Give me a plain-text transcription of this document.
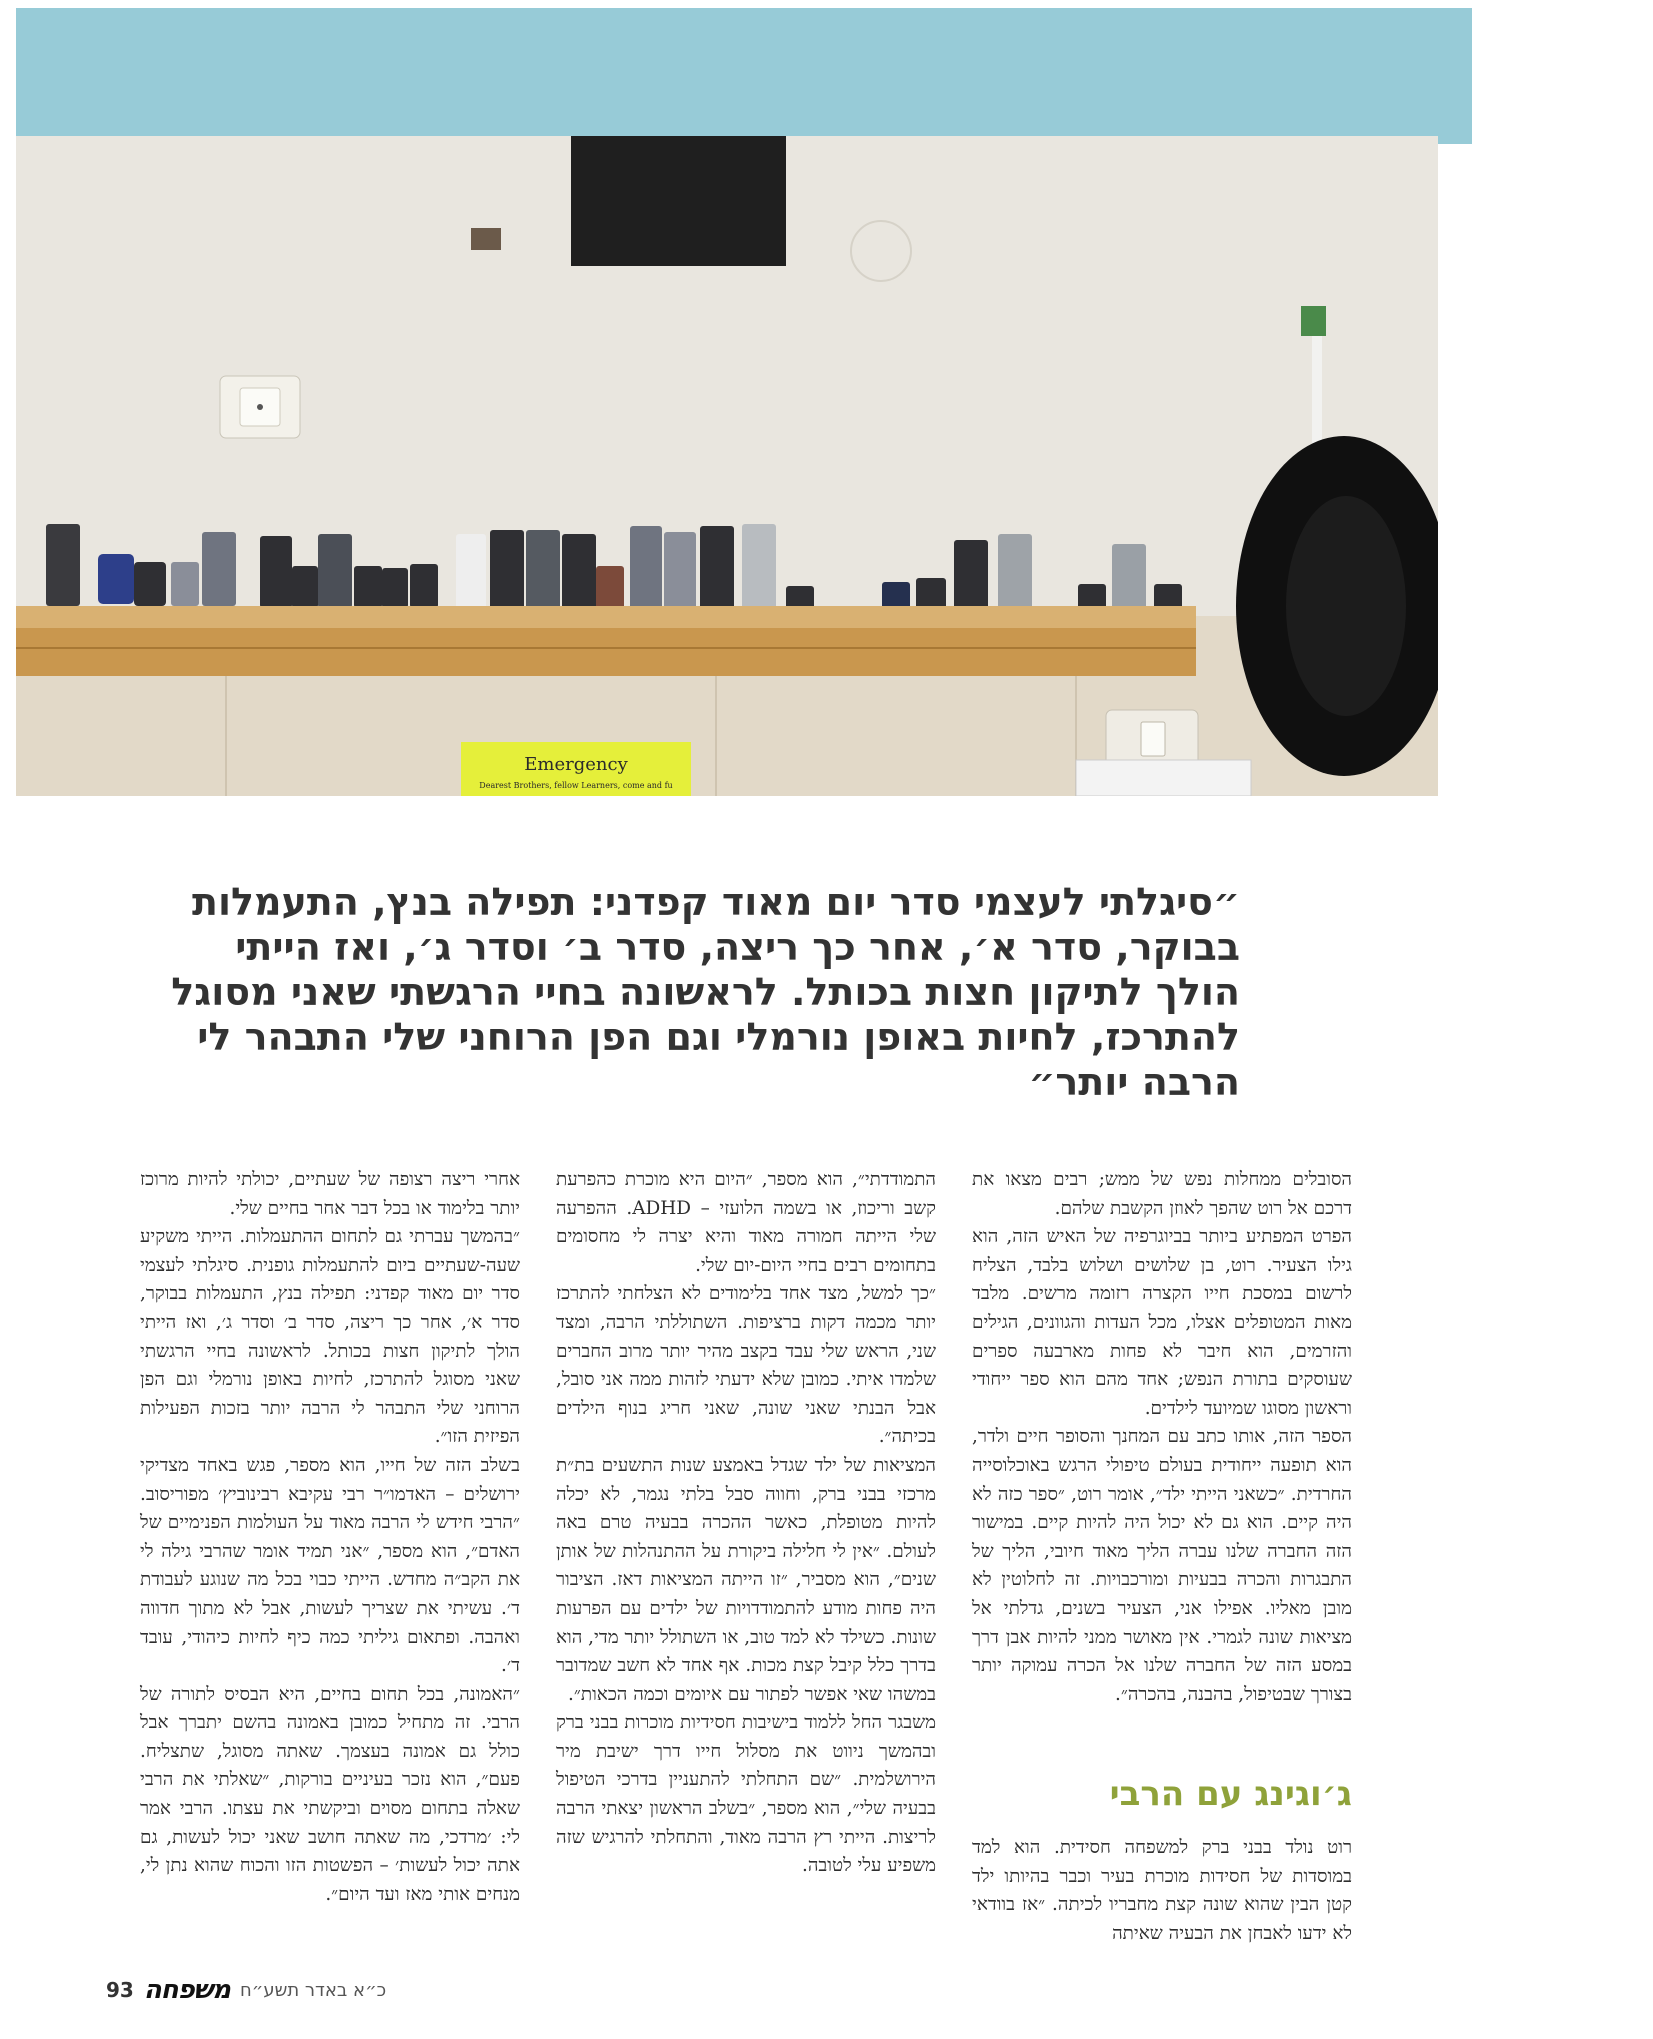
Emergency
Dearest Brothers, fellow Learners, come and fu
״סיגלתי לעצמי סדר יום מאוד קפדני: תפילה בנץ, התעמלות בבוקר, סדר א׳, אחר כך ריצה, סדר ב׳ וסדר ג׳, ואז הייתי הולך לתיקון חצות בכותל. לראשונה בחיי הרגשתי שאני מסוגל להתרכז, לחיות באופן נורמלי וגם הפן הרוחני שלי התבהר לי הרבה יותר״

הסובלים ממחלות נפש של ממש; רבים מצאו את דרכם אל רוט שהפך לאוזן הקשבת שלהם.

הפרט המפתיע ביותר בביוגרפיה של האיש הזה, הוא גילו הצעיר. רוט, בן שלושים ושלוש בלבד, הצליח לרשום במסכת חייו הקצרה רזומה מרשים. מלבד מאות המטופלים אצלו, מכל העדות והגוונים, הגילים והזרמים, הוא חיבר לא פחות מארבעה ספרים שעוסקים בתורת הנפש; אחד מהם הוא ספר ייחודי וראשון מסוגו שמיועד לילדים.

הספר הזה, אותו כתב עם המחנך והסופר חיים ולדר, הוא תופעה ייחודית בעולם טיפולי הרגש באוכלוסייה החרדית. ״כשאני הייתי ילד״, אומר רוט, ״ספר כזה לא היה קיים. הוא גם לא יכול היה להיות קיים. במישור הזה החברה שלנו עברה הליך מאוד חיובי, הליך של התבגרות והכרה בבעיות ומורכבויות. זה לחלוטין לא מובן מאליו. אפילו אני, הצעיר בשנים, גדלתי אל מציאות שונה לגמרי. אין מאושר ממני להיות אבן דרך במסע הזה של החברה שלנו אל הכרה עמוקה יותר בצורך שבטיפול, בהבנה, בהכרה״.

ג׳וגינג עם הרבי

רוט נולד בבני ברק למשפחה חסידית. הוא למד במוסדות של חסידות מוכרת בעיר וכבר בהיותו ילד קטן הבין שהוא שונה קצת מחבריו לכיתה. ״אז בוודאי לא ידעו לאבחן את הבעיה שאיתה

התמודדתי״, הוא מספר, ״היום היא מוכרת כהפרעת קשב וריכוז, או בשמה הלועזי – ADHD. ההפרעה שלי הייתה חמורה מאוד והיא יצרה לי מחסומים בתחומים רבים בחיי היום-יום שלי.

״כך למשל, מצד אחד בלימודים לא הצלחתי להתרכז יותר מכמה דקות ברציפות. השתוללתי הרבה, ומצד שני, הראש שלי עבד בקצב מהיר יותר מרוב החברים שלמדו איתי. כמובן שלא ידעתי לזהות ממה אני סובל, אבל הבנתי שאני שונה, שאני חריג בנוף הילדים בכיתה״.

המציאות של ילד שגדל באמצע שנות התשעים בת״ת מרכזי בבני ברק, וחווה סבל בלתי נגמר, לא יכלה להיות מטופלת, כאשר ההכרה בבעיה טרם באה לעולם. ״אין לי חלילה ביקורת על ההתנהלות של אותן שנים״, הוא מסביר, ״זו הייתה המציאות דאז. הציבור היה פחות מודע להתמודדויות של ילדים עם הפרעות שונות. כשילד לא למד טוב, או השתולל יותר מדי, הוא בדרך כלל קיבל קצת מכות. אף אחד לא חשב שמדובר במשהו שאי אפשר לפתור עם איומים וכמה הכאות״.

משבגר החל ללמוד בישיבות חסידיות מוכרות בבני ברק ובהמשך ניווט את מסלול חייו דרך ישיבת מיר הירושלמית. ״שם התחלתי להתעניין בדרכי הטיפול בבעיה שלי״, הוא מספר, ״בשלב הראשון יצאתי הרבה לריצות. הייתי רץ הרבה מאוד, והתחלתי להרגיש שזה משפיע עלי לטובה.

אחרי ריצה רצופה של שעתיים, יכולתי להיות מרוכז יותר בלימוד או בכל דבר אחר בחיים שלי.

״בהמשך עברתי גם לתחום ההתעמלות. הייתי משקיע שעה-שעתיים ביום להתעמלות גופנית. סיגלתי לעצמי סדר יום מאוד קפדני: תפילה בנץ, התעמלות בבוקר, סדר א׳, אחר כך ריצה, סדר ב׳ וסדר ג׳, ואז הייתי הולך לתיקון חצות בכותל. לראשונה בחיי הרגשתי שאני מסוגל להתרכז, לחיות באופן נורמלי וגם הפן הרוחני שלי התבהר לי הרבה יותר בזכות הפעילות הפיזית הזו״.

בשלב הזה של חייו, הוא מספר, פגש באחד מצדיקי ירושלים – האדמו״ר רבי עקיבא רבינוביץ׳ מפוריסוב. ״הרבי חידש לי הרבה מאוד על העולמות הפנימיים של האדם״, הוא מספר, ״אני תמיד אומר שהרבי גילה לי את הקב״ה מחדש. הייתי כבוי בכל מה שנוגע לעבודת ד׳. עשיתי את שצריך לעשות, אבל לא מתוך חדווה ואהבה. ופתאום גיליתי כמה כיף לחיות כיהודי, עובד ד׳.

״האמונה, בכל תחום בחיים, היא הבסיס לתורה של הרבי. זה מתחיל כמובן באמונה בהשם יתברך אבל כולל גם אמונה בעצמך. שאתה מסוגל, שתצליח. פעם״, הוא נזכר בעיניים בורקות, ״שאלתי את הרבי שאלה בתחום מסוים וביקשתי את עצתו. הרבי אמר לי: ׳מרדכי, מה שאתה חושב שאני יכול לעשות, גם אתה יכול לעשות׳ – הפשטות הזו והכוח שהוא נתן לי, מנחים אותי מאז ועד היום״.

93 משפחה כ״א באדר תשע״ח
